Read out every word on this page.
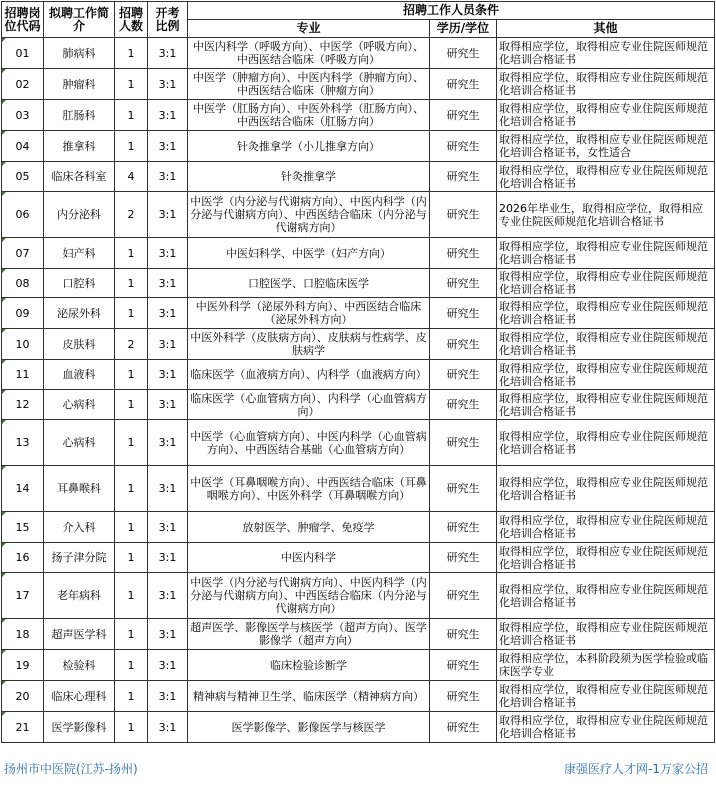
招聘岗位代码	拟聘工作简介	招聘人数	开考比例	招聘工作人员条件		
				专业	学历/学位	其他
01	肺病科	1	3:1	中医内科学（呼吸方向）、中医学（呼吸方向）、中西医结合临床（呼吸方向）	研究生	取得相应学位，取得相应专业住院医师规范化培训合格证书
02	肿瘤科	1	3:1	中医学（肿瘤方向）、中医内科学（肿瘤方向）、中西医结合临床（肿瘤方向）	研究生	取得相应学位，取得相应专业住院医师规范化培训合格证书
03	肛肠科	1	3:1	中医学（肛肠方向）、中医外科学（肛肠方向）、中西医结合临床（肛肠方向）	研究生	取得相应学位，取得相应专业住院医师规范化培训合格证书
04	推拿科	1	3:1	针灸推拿学（小儿推拿方向）	研究生	取得相应学位，取得相应专业住院医师规范化培训合格证书，女性适合
05	临床各科室	4	3:1	针灸推拿学	研究生	取得相应学位，取得相应专业住院医师规范化培训合格证书
06	内分泌科	2	3:1	中医学（内分泌与代谢病方向）、中医内科学（内分泌与代谢病方向）、中西医结合临床（内分泌与代谢病方向）	研究生	2026年毕业生，取得相应学位，取得相应专业住院医师规范化培训合格证书
07	妇产科	1	3:1	中医妇科学、中医学（妇产方向）	研究生	取得相应学位，取得相应专业住院医师规范化培训合格证书
08	口腔科	1	3:1	口腔医学、口腔临床医学	研究生	取得相应学位，取得相应专业住院医师规范化培训合格证书
09	泌尿外科	1	3:1	中医外科学（泌尿外科方向）、中西医结合临床（泌尿外科方向）	研究生	取得相应学位，取得相应专业住院医师规范化培训合格证书
10	皮肤科	2	3:1	中医外科学（皮肤病方向）、皮肤病与性病学、皮肤病学	研究生	取得相应学位，取得相应专业住院医师规范化培训合格证书
11	血液科	1	3:1	临床医学（血液病方向）、内科学（血液病方向）	研究生	取得相应学位，取得相应专业住院医师规范化培训合格证书
12	心病科	1	3:1	临床医学（心血管病方向）、内科学（心血管病方向）	研究生	取得相应学位，取得相应专业住院医师规范化培训合格证书
13	心病科	1	3:1	中医学（心血管病方向）、中医内科学（心血管病方向）、中西医结合基础（心血管病方向）	研究生	取得相应学位，取得相应专业住院医师规范化培训合格证书
14	耳鼻喉科	1	3:1	中医学（耳鼻咽喉方向）、中西医结合临床（耳鼻咽喉方向）、中医外科学（耳鼻咽喉方向）	研究生	取得相应学位，取得相应专业住院医师规范化培训合格证书
15	介入科	1	3:1	放射医学、肿瘤学、免疫学	研究生	取得相应学位，取得相应专业住院医师规范化培训合格证书
16	扬子津分院	1	3:1	中医内科学	研究生	取得相应学位，取得相应专业住院医师规范化培训合格证书
17	老年病科	1	3:1	中医学（内分泌与代谢病方向）、中医内科学（内分泌与代谢病方向）、中西医结合临床（内分泌与代谢病方向）	研究生	取得相应学位，取得相应专业住院医师规范化培训合格证书
18	超声医学科	1	3:1	超声医学、影像医学与核医学（超声方向）、医学影像学（超声方向）	研究生	取得相应学位，取得相应专业住院医师规范化培训合格证书
19	检验科	1	3:1	临床检验诊断学	研究生	取得相应学位，本科阶段须为医学检验或临床医学专业
20	临床心理科	1	3:1	精神病与精神卫生学、临床医学（精神病方向）	研究生	取得相应学位，取得相应专业住院医师规范化培训合格证书
21	医学影像科	1	3:1	医学影像学、影像医学与核医学	研究生	取得相应学位，取得相应专业住院医师规范化培训合格证书
扬州市中医院(江苏-扬州)	康强医疗人才网-1万家公招
